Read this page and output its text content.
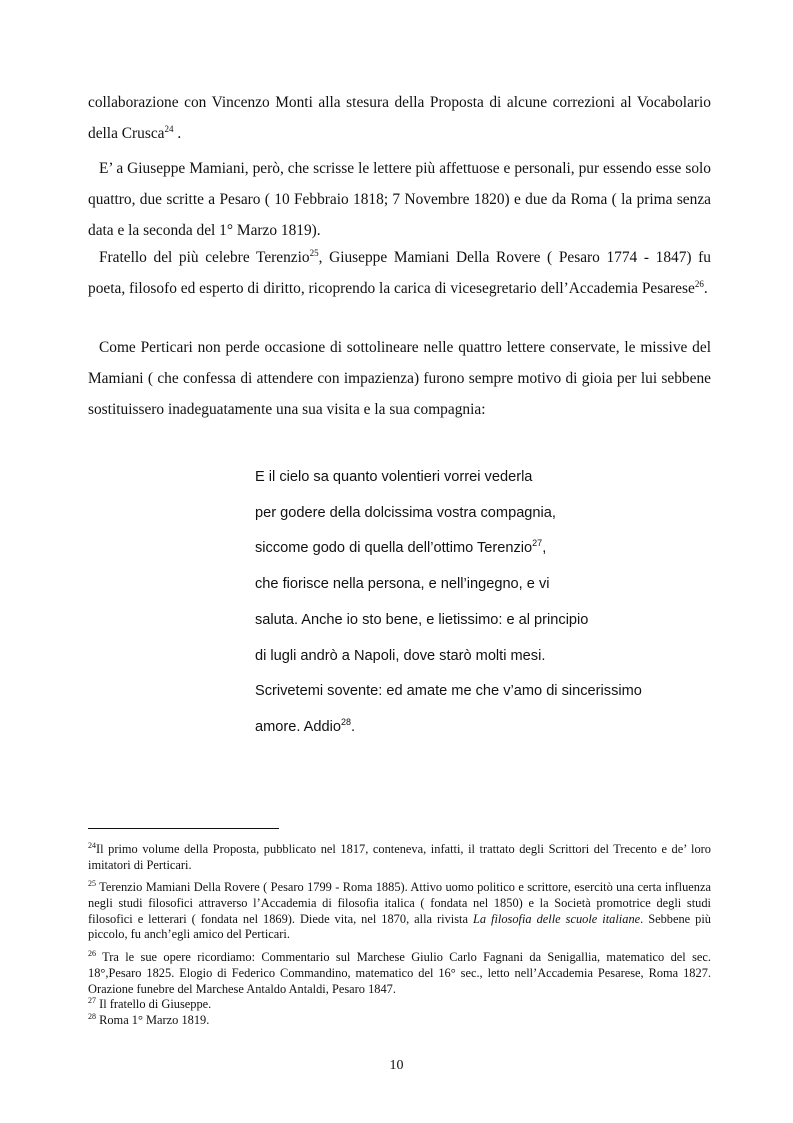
collaborazione con Vincenzo Monti alla stesura della Proposta di alcune correzioni al Vocabolario della Crusca$^{24}$ .

E’ a Giuseppe Mamiani, però, che scrisse le lettere più affettuose e personali, pur essendo esse solo quattro, due scritte a Pesaro ( 10 Febbraio 1818; 7 Novembre 1820) e due da Roma ( la prima senza data e la seconda del 1° Marzo 1819).

Fratello del più celebre Terenzio$^{25}$, Giuseppe Mamiani Della Rovere ( Pesaro 1774 - 1847) fu poeta, filosofo ed esperto di diritto, ricoprendo la carica di vicesegretario dell’Accademia Pesarese$^{26}$.

Come Perticari non perde occasione di sottolineare nelle quattro lettere conservate, le missive del Mamiani ( che confessa di attendere con impazienza) furono sempre motivo di gioia per lui sebbene sostituissero inadeguatamente una sua visita e la sua compagnia:

E il cielo sa quanto volentieri vorrei vederla
per godere della dolcissima vostra compagnia,
siccome godo di quella dell’ottimo Terenzio$^{27}$,
che fiorisce nella persona, e nell’ingegno, e vi
saluta. Anche io sto bene, e lietissimo: e al principio
di lugli andrò a Napoli, dove starò molti mesi.
Scrivetemi sovente: ed amate me che v’amo di sincerissimo
amore. Addio$^{28}$.

$^{24}$Il primo volume della Proposta, pubblicato nel 1817, conteneva, infatti, il trattato degli Scrittori del Trecento e de’ loro imitatori di Perticari.

$^{25}$ Terenzio Mamiani Della Rovere ( Pesaro 1799 - Roma 1885). Attivo uomo politico e scrittore, esercitò una certa influenza negli studi filosofici attraverso l’Accademia di filosofia italica ( fondata nel 1850) e la Società promotrice degli studi filosofici e letterari ( fondata nel 1869). Diede vita, nel 1870, alla rivista La filosofia delle scuole italiane. Sebbene più piccolo, fu anch’egli amico del Perticari.

$^{26}$ Tra le sue opere ricordiamo: Commentario sul Marchese Giulio Carlo Fagnani da Senigallia, matematico del sec. 18°,Pesaro 1825. Elogio di Federico Commandino, matematico del 16° sec., letto nell’Accademia Pesarese, Roma 1827. Orazione funebre del Marchese Antaldo Antaldi, Pesaro 1847.

$^{27}$ Il fratello di Giuseppe.

$^{28}$ Roma 1° Marzo 1819.

10
